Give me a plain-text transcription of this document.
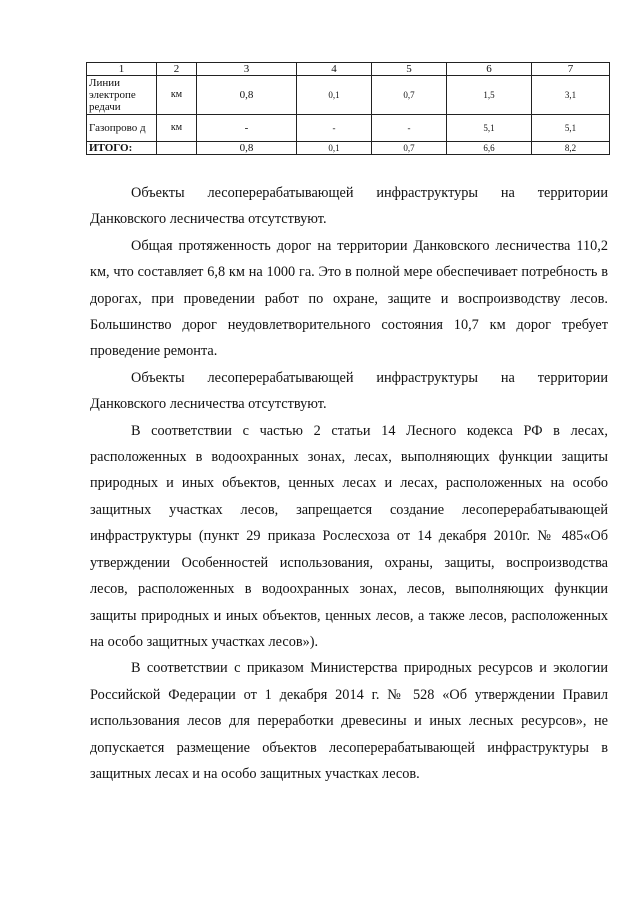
1	2	3	4	5	6	7
Линии электропе редачи	км	0,8	0,1	0,7	1,5	3,1
Газопрово д	км	-	-	-	5,1	5,1
ИТОГО:		0,8	0,1	0,7	6,6	8,2

Объекты лесоперерабатывающей инфраструктуры на территории Данковского лесничества отсутствуют.

Общая протяженность дорог на территории Данковского лесничества 110,2 км, что составляет 6,8 км на 1000 га. Это в полной мере обеспечивает потребность в дорогах, при проведении работ по охране, защите и воспроизводству лесов. Большинство дорог неудовлетворительного состояния 10,7 км дорог требует проведение ремонта.

Объекты лесоперерабатывающей инфраструктуры на территории Данковского лесничества отсутствуют.

В соответствии с частью 2 статьи 14 Лесного кодекса РФ в лесах, расположенных в водоохранных зонах, лесах, выполняющих функции защиты природных и иных объектов, ценных лесах и лесах, расположенных на особо защитных участках лесов, запрещается создание лесоперерабатывающей инфраструктуры (пункт 29 приказа Рослесхоза от 14 декабря 2010г. № 485«Об утверждении Особенностей использования, охраны, защиты, воспроизводства лесов, расположенных в водоохранных зонах, лесов, выполняющих функции защиты природных и иных объектов, ценных лесов, а также лесов, расположенных на особо защитных участках лесов»).

В соответствии с приказом Министерства природных ресурсов и экологии Российской Федерации от 1 декабря 2014 г. № 528 «Об утверждении Правил использования лесов для переработки древесины и иных лесных ресурсов», не допускается размещение объектов лесоперерабатывающей инфраструктуры в защитных лесах и на особо защитных участках лесов.
